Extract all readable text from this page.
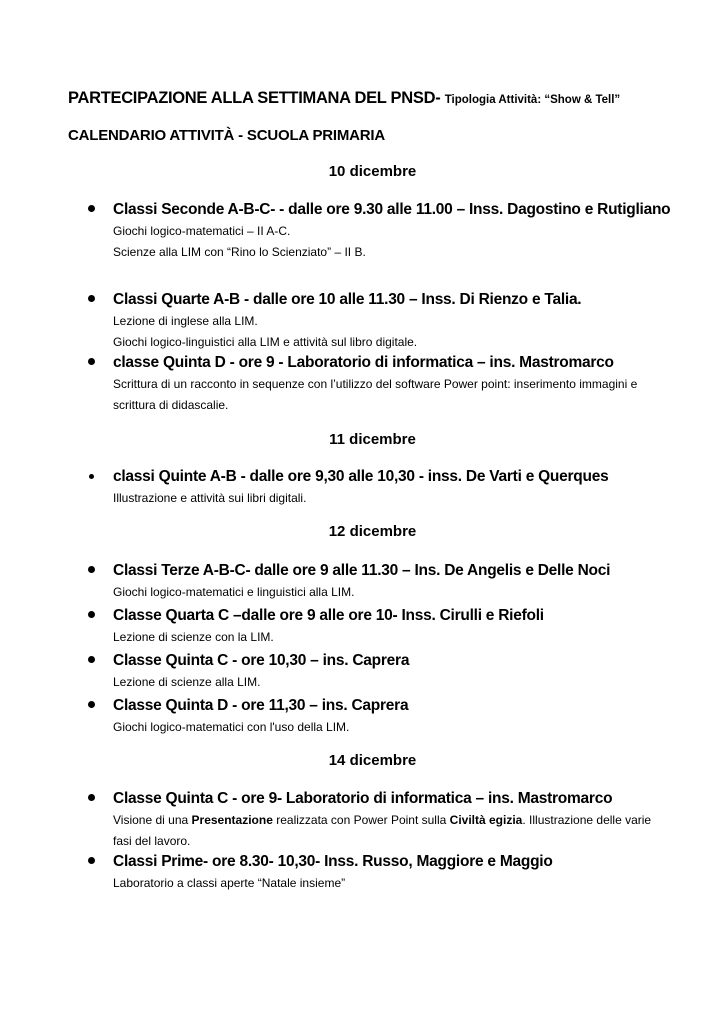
PARTECIPAZIONE ALLA SETTIMANA DEL PNSD- Tipologia Attività: “Show & Tell”
CALENDARIO ATTIVITÀ - SCUOLA PRIMARIA
10 dicembre
Classi Seconde A-B-C- - dalle ore 9.30 alle 11.00 – Inss. Dagostino e Rutigliano
Giochi logico-matematici – II A-C.
Scienze alla LIM con “Rino lo Scienziato” – II B.
Classi Quarte A-B - dalle ore 10 alle 11.30 – Inss. Di Rienzo e Talia.
Lezione di inglese alla LIM.
Giochi logico-linguistici alla LIM e attività sul libro digitale.
classe Quinta D - ore 9 - Laboratorio di informatica – ins. Mastromarco
Scrittura di un racconto in sequenze con l’utilizzo del software Power point: inserimento immagini e scrittura di didascalie.
11 dicembre
classi Quinte A-B - dalle ore 9,30 alle 10,30 - inss. De Varti e Querques
Illustrazione e attività sui libri digitali.
12 dicembre
Classi Terze A-B-C- dalle ore 9 alle 11.30 – Ins. De Angelis e Delle Noci
Giochi logico-matematici e linguistici alla LIM.
Classe Quarta C –dalle ore 9 alle ore 10- Inss. Cirulli e Riefoli
Lezione di scienze con la LIM.
Classe Quinta C - ore 10,30 – ins. Caprera
Lezione di scienze alla LIM.
Classe Quinta D - ore 11,30 – ins. Caprera
Giochi logico-matematici con l'uso della LIM.
14 dicembre
Classe Quinta C - ore 9- Laboratorio di informatica – ins. Mastromarco
Visione di una Presentazione realizzata con Power Point sulla Civiltà egizia. Illustrazione delle varie fasi del lavoro.
Classi Prime- ore 8.30- 10,30- Inss. Russo, Maggiore e Maggio
Laboratorio a classi aperte “Natale insieme”
